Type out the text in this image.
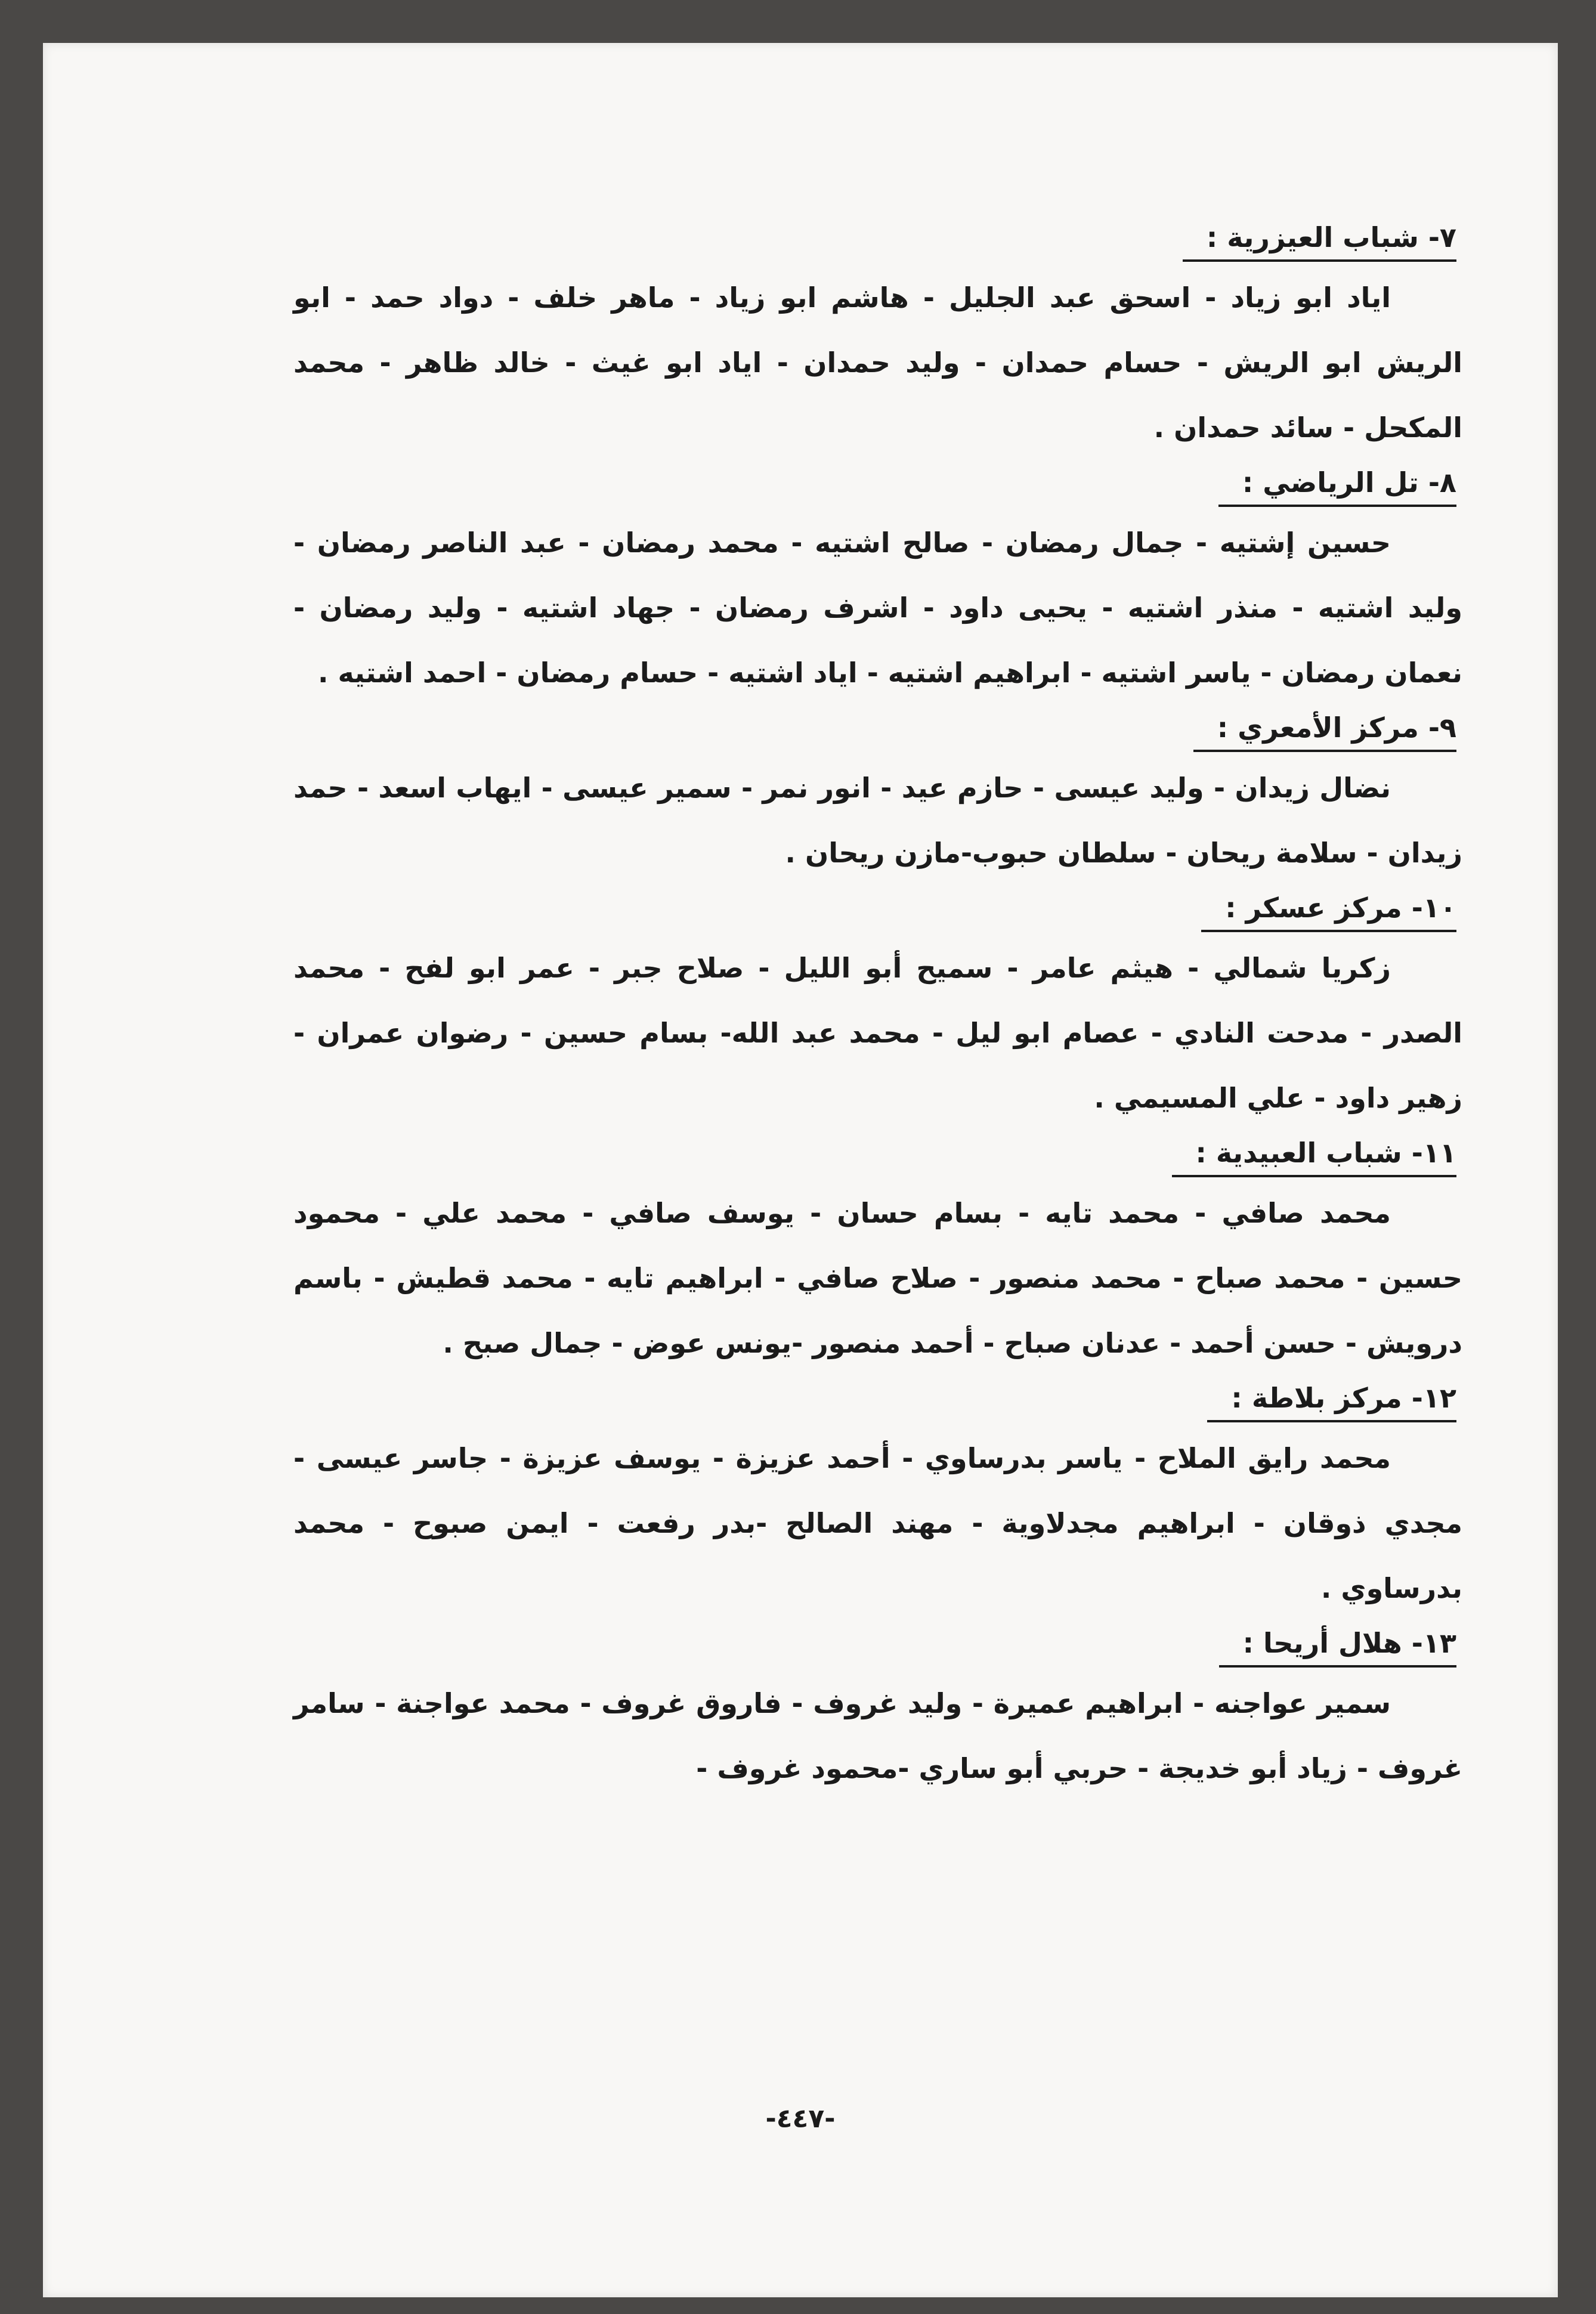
٧- شباب العيزرية :

اياد ابو زياد - اسحق عبد الجليل - هاشم ابو زياد - ماهر خلف - دواد حمد - ابو الريش ابو الريش - حسام حمدان - وليد حمدان - اياد ابو غيث - خالد ظاهر - محمد المكحل - سائد حمدان .

٨- تل الرياضي :

حسين إشتيه - جمال رمضان - صالح اشتيه - محمد رمضان - عبد الناصر رمضان - وليد اشتيه - منذر اشتيه - يحيى داود - اشرف رمضان - جهاد اشتيه - وليد رمضان - نعمان رمضان - ياسر اشتيه - ابراهيم اشتيه - اياد اشتيه - حسام رمضان - احمد اشتيه .

٩- مركز الأمعري :

نضال زيدان - وليد عيسى - حازم عيد - انور نمر - سمير عيسى - ايهاب اسعد - حمد زيدان - سلامة ريحان - سلطان حبوب-مازن ريحان .

١٠- مركز عسكر :

زكريا شمالي - هيثم عامر - سميح أبو الليل - صلاح جبر - عمر ابو لفح - محمد الصدر - مدحت النادي - عصام ابو ليل - محمد عبد الله- بسام حسين - رضوان عمران - زهير داود - علي المسيمي .

١١- شباب العبيدية :

محمد صافي - محمد تايه - بسام حسان - يوسف صافي - محمد علي - محمود حسين - محمد صباح - محمد منصور - صلاح صافي - ابراهيم تايه - محمد قطيش - باسم درويش - حسن أحمد - عدنان صباح - أحمد منصور -يونس عوض - جمال صبح .

١٢- مركز بلاطة :

محمد رايق الملاح - ياسر بدرساوي - أحمد عزيزة - يوسف عزيزة - جاسر عيسى - مجدي ذوقان - ابراهيم مجدلاوية - مهند الصالح -بدر رفعت - ايمن صبوح - محمد بدرساوي .

١٣- هلال أريحا :

سمير عواجنه - ابراهيم عميرة - وليد غروف - فاروق غروف - محمد عواجنة - سامر غروف - زياد أبو خديجة - حربي أبو ساري -محمود غروف -

-٤٤٧-
